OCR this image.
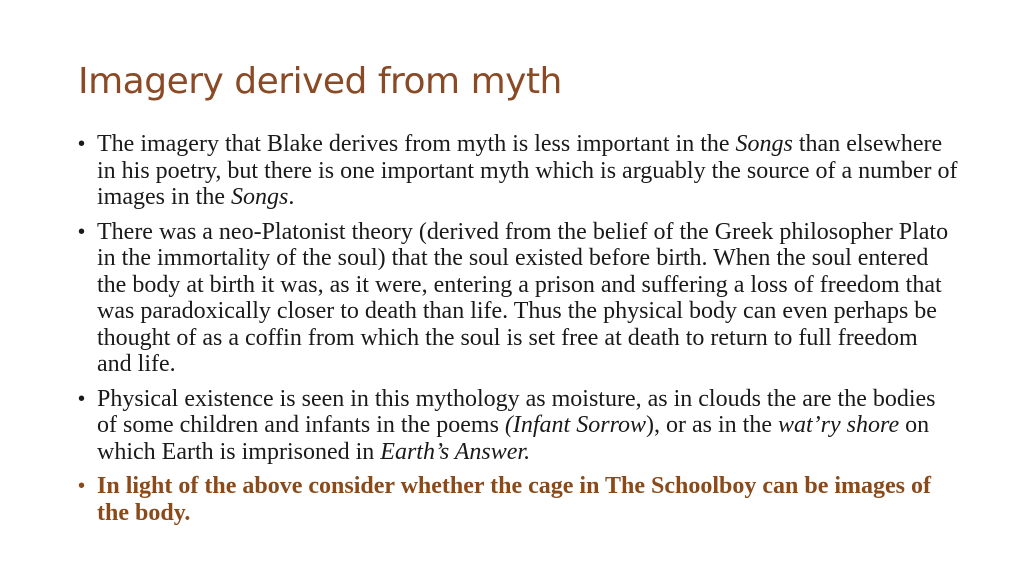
Imagery derived from myth
• The imagery that Blake derives from myth is less important in the Songs than elsewhere in his poetry, but there is one important myth which is arguably the source of a number of images in the Songs.
• There was a neo-Platonist theory (derived from the belief of the Greek philosopher Plato in the immortality of the soul) that the soul existed before birth. When the soul entered the body at birth it was, as it were, entering a prison and suffering a loss of freedom that was paradoxically closer to death than life. Thus the physical body can even perhaps be thought of as a coffin from which the soul is set free at death to return to full freedom and life.
• Physical existence is seen in this mythology as moisture, as in clouds the are the bodies of some children and infants in the poems (Infant Sorrow), or as in the wat’ry shore on which Earth is imprisoned in Earth’s Answer.
• In light of the above consider whether the cage in The Schoolboy can be images of the body.
